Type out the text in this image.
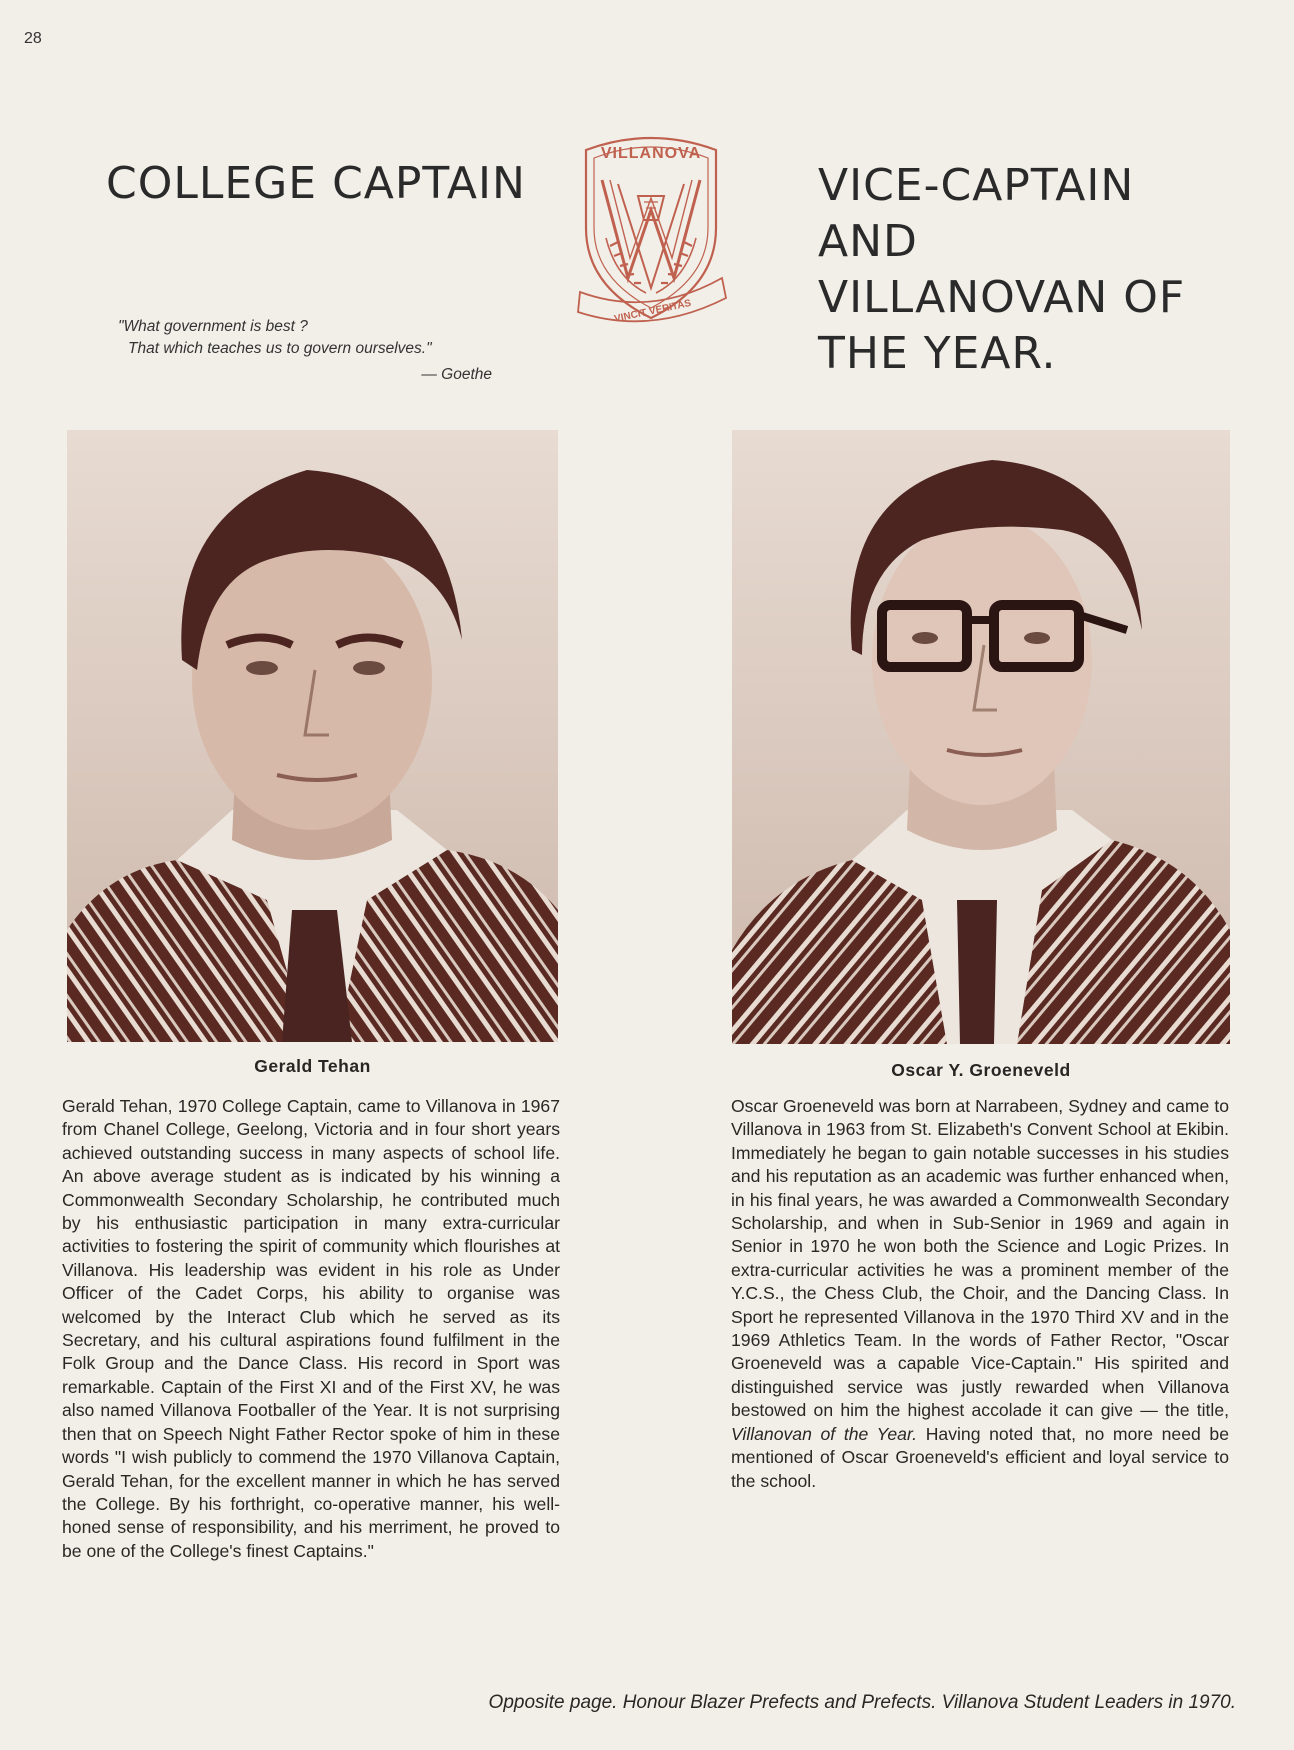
28
COLLEGE CAPTAIN
"What government is best ?
That which teaches us to govern ourselves."
— Goethe
VILLANOVA
VINCIT VERITAS
VICE-CAPTAIN
AND
VILLANOVAN OF
THE YEAR.
Gerald Tehan	Oscar Y. Groeneveld
Gerald Tehan, 1970 College Captain, came to Villanova in 1967 from Chanel College, Geelong, Victoria and in four short years achieved outstanding success in many aspects of school life. An above average student as is indicated by his winning a Commonwealth Secondary Scholarship, he contributed much by his enthusiastic participation in many extra-curricular activities to fostering the spirit of community which flourishes at Villanova. His leadership was evident in his role as Under Officer of the Cadet Corps, his ability to organise was welcomed by the Interact Club which he served as its Secretary, and his cultural aspirations found fulfilment in the Folk Group and the Dance Class. His record in Sport was remarkable. Captain of the First XI and of the First XV, he was also named Villanova Footballer of the Year. It is not surprising then that on Speech Night Father Rector spoke of him in these words "I wish publicly to commend the 1970 Villanova Captain, Gerald Tehan, for the excellent manner in which he has served the College. By his forthright, co-operative manner, his well-honed sense of responsibility, and his merriment, he proved to be one of the College's finest Captains."
Oscar Groeneveld was born at Narrabeen, Sydney and came to Villanova in 1963 from St. Elizabeth's Convent School at Ekibin. Immediately he began to gain notable successes in his studies and his reputation as an academic was further enhanced when, in his final years, he was awarded a Commonwealth Secondary Scholarship, and when in Sub-Senior in 1969 and again in Senior in 1970 he won both the Science and Logic Prizes. In extra-curricular activities he was a prominent member of the Y.C.S., the Chess Club, the Choir, and the Dancing Class. In Sport he represented Villanova in the 1970 Third XV and in the 1969 Athletics Team. In the words of Father Rector, "Oscar Groeneveld was a capable Vice-Captain." His spirited and distinguished service was justly rewarded when Villanova bestowed on him the highest accolade it can give — the title, Villanovan of the Year. Having noted that, no more need be mentioned of Oscar Groeneveld's efficient and loyal service to the school.
Opposite page. Honour Blazer Prefects and Prefects. Villanova Student Leaders in 1970.
